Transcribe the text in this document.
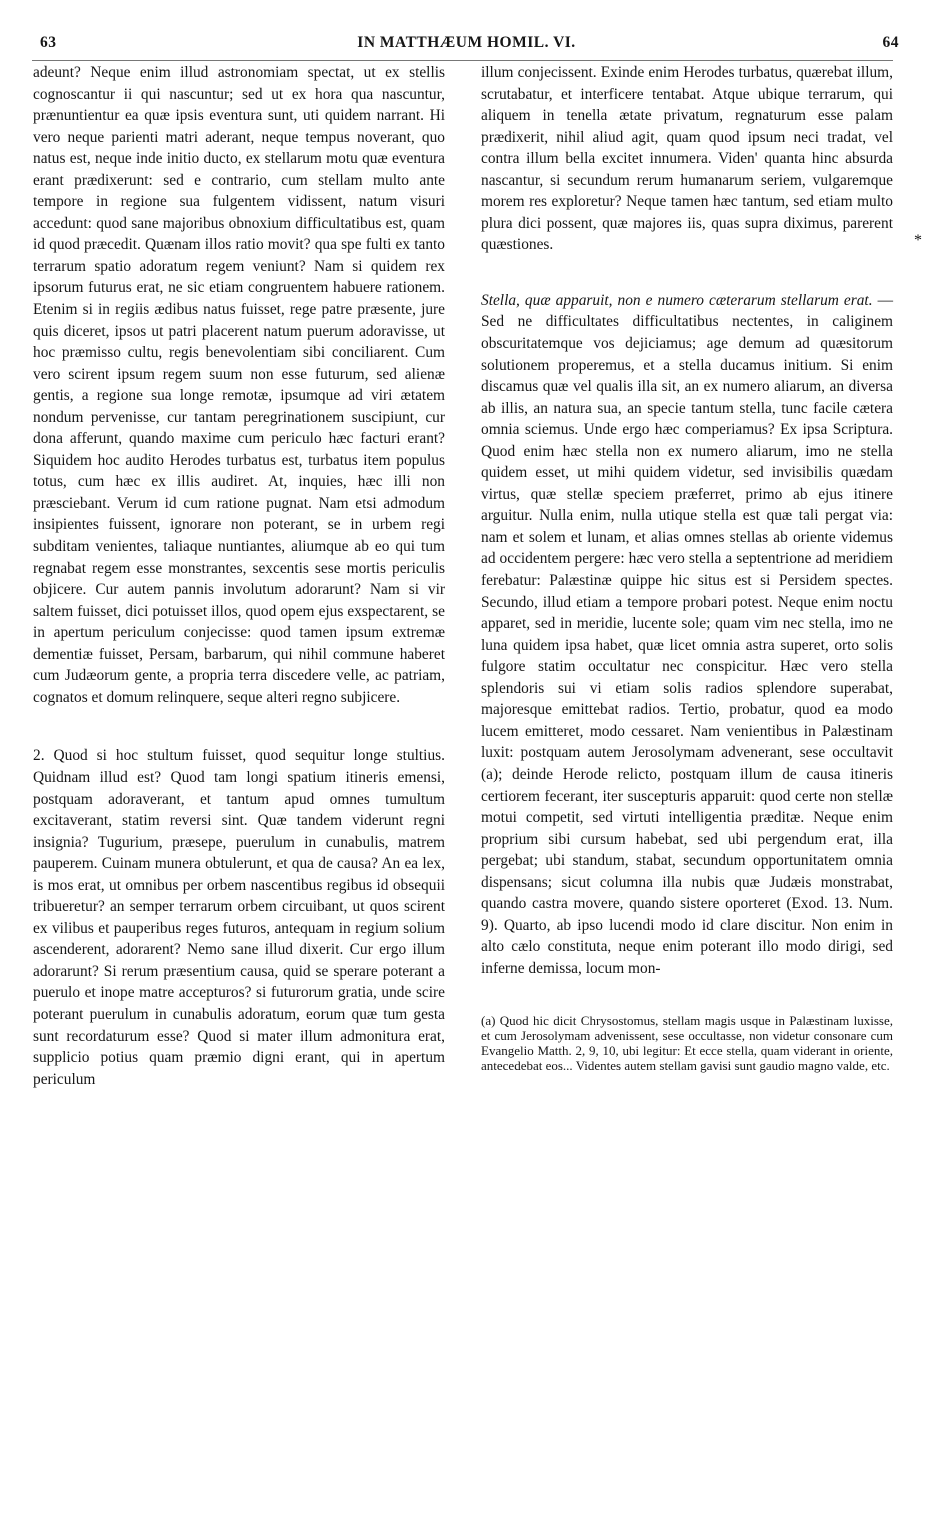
63	IN MATTHÆUM HOMIL. VI.	64

adeunt? Neque enim illud astronomiam spectat, ut ex stellis cognoscantur ii qui nascuntur; sed ut ex hora qua nascuntur, prænuntientur ea quæ ipsis eventura sunt, uti quidem narrant. Hi vero neque parienti matri aderant, neque tempus noverant, quo natus est, neque inde initio ducto, ex stellarum motu quæ eventura erant prædixerunt: sed e contrario, cum stellam multo ante tempore in regione sua fulgentem vidissent, natum visuri accedunt: quod sane majoribus obnoxium difficultatibus est, quam id quod præcedit. Quænam illos ratio movit? qua spe fulti ex tanto terrarum spatio adoratum regem veniunt? Nam si quidem rex ipsorum futurus erat, ne sic etiam congruentem habuere rationem. Etenim si in regiis ædibus natus fuisset, rege patre præsente, jure quis diceret, ipsos ut patri placerent natum puerum adoravisse, ut hoc præmisso cultu, regis benevolentiam sibi conciliarent. Cum vero scirent ipsum regem suum non esse futurum, sed alienæ gentis, a regione sua longe remotæ, ipsumque ad viri ætatem nondum pervenisse, cur tantam peregrinationem suscipiunt, cur dona afferunt, quando maxime cum periculo hæc facturi erant? Siquidem hoc audito Herodes turbatus est, turbatus item populus totus, cum hæc ex illis audiret. At, inquies, hæc illi non præsciebant. Verum id cum ratione pugnat. Nam etsi admodum insipientes fuissent, ignorare non poterant, se in urbem regi subditam venientes, taliaque nuntiantes, aliumque ab eo qui tum regnabat regem esse monstrantes, sexcentis sese mortis periculis objicere. Cur autem pannis involutum adorarunt? Nam si vir saltem fuisset, dici potuisset illos, quod opem ejus exspectarent, se in apertum periculum conjecisse: quod tamen ipsum extremæ dementiæ fuisset, Persam, barbarum, qui nihil commune haberet cum Judæorum gente, a propria terra discedere velle, ac patriam, cognatos et domum relinquere, seque alteri regno subjicere.

2. Quod si hoc stultum fuisset, quod sequitur longe stultius. Quidnam illud est? Quod tam longi spatium itineris emensi, postquam adoraverant, et tantum apud omnes tumultum excitaverant, statim reversi sint. Quæ tandem viderunt regni insignia? Tugurium, præsepe, puerulum in cunabulis, matrem pauperem. Cuinam munera obtulerunt, et qua de causa? An ea lex, is mos erat, ut omnibus per orbem nascentibus regibus id obsequii tribueretur? an semper terrarum orbem circuibant, ut quos scirent ex vilibus et pauperibus reges futuros, antequam in regium solium ascenderent, adorarent? Nemo sane illud dixerit. Cur ergo illum adorarunt? Si rerum præsentium causa, quid se sperare poterant a puerulo et inope matre accepturos? si futurorum gratia, unde scire poterant puerulum in cunabulis adoratum, eorum quæ tum gesta sunt recordaturum esse? Quod si mater illum admonitura erat, supplicio potius quam præmio digni erant, qui in apertum periculum

illum conjecissent. Exinde enim Herodes turbatus, quærebat illum, scrutabatur, et interficere tentabat. Atque ubique terrarum, qui aliquem in tenella ætate privatum, regnaturum esse palam prædixerit, nihil aliud agit, quam quod ipsum neci tradat, vel contra illum bella excitet innumera. Viden' quanta hinc absurda nascantur, si secundum rerum humanarum seriem, vulgaremque morem res exploretur? Neque tamen hæc tantum, sed etiam multo plura dici possent, quæ majores iis, quas supra diximus, parerent quæstiones.

Stella, quæ apparuit, non e numero cæterarum stellarum erat. — Sed ne difficultates difficultatibus nectentes, in caliginem obscuritatemque vos dejiciamus; age demum ad quæsitorum solutionem properemus, et a stella ducamus initium. Si enim discamus quæ vel qualis illa sit, an ex numero aliarum, an diversa ab illis, an natura sua, an specie tantum stella, tunc facile cætera omnia sciemus. Unde ergo hæc comperiamus? Ex ipsa Scriptura. Quod enim hæc stella non ex numero aliarum, imo ne stella quidem esset, ut mihi quidem videtur, sed invisibilis quædam virtus, quæ stellæ speciem præferret, primo ab ejus itinere arguitur. Nulla enim, nulla utique stella est quæ tali pergat via: nam et solem et lunam, et alias omnes stellas ab oriente videmus ad occidentem pergere: hæc vero stella a septentrione ad meridiem ferebatur: Palæstinæ quippe hic situs est si Persidem spectes. Secundo, illud etiam a tempore probari potest. Neque enim noctu apparet, sed in meridie, lucente sole; quam vim nec stella, imo ne luna quidem ipsa habet, quæ licet omnia astra superet, orto solis fulgore statim occultatur nec conspicitur. Hæc vero stella splendoris sui vi etiam solis radios splendore superabat, majoresque emittebat radios. Tertio, probatur, quod ea modo lucem emitteret, modo cessaret. Nam venientibus in Palæstinam luxit: postquam autem Jerosolymam advenerant, sese occultavit (a); deinde Herode relicto, postquam illum de causa itineris certiorem fecerant, iter suscepturis apparuit: quod certe non stellæ motui competit, sed virtuti intelligentia præditæ. Neque enim proprium sibi cursum habebat, sed ubi pergendum erat, illa pergebat; ubi standum, stabat, secundum opportunitatem omnia dispensans; sicut columna illa nubis quæ Judæis monstrabat, quando castra movere, quando sistere oporteret (Exod. 13. Num. 9). Quarto, ab ipso lucendi modo id clare discitur. Non enim in alto cælo constituta, neque enim poterant illo modo dirigi, sed inferne demissa, locum mon-

(a) Quod hic dicit Chrysostomus, stellam magis usque in Palæstinam luxisse, et cum Jerosolymam advenissent, sese occultasse, non videtur consonare cum Evangelio Matth. 2, 9, 10, ubi legitur: Et ecce stella, quam viderant in oriente, antecedebat eos... Videntes autem stellam gavisi sunt gaudio magno valde, etc.

*
